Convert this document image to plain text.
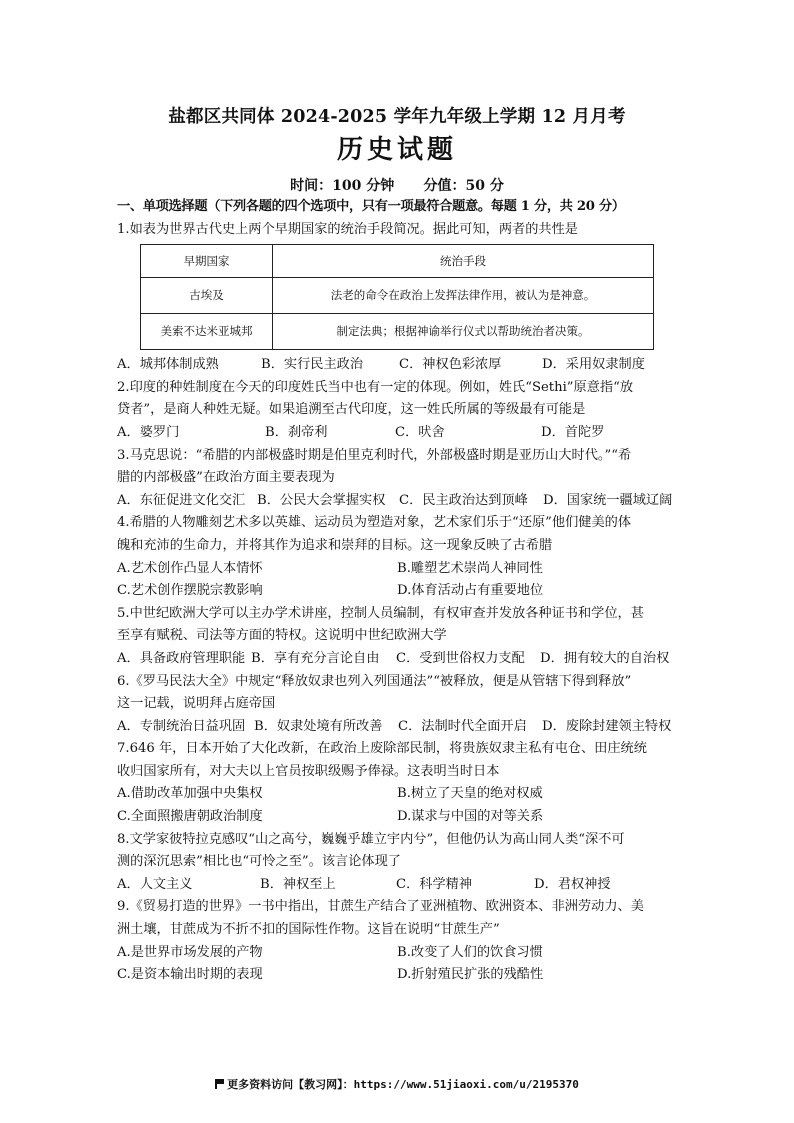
盐都区共同体 2024-2025 学年九年级上学期 12 月月考
历史试题
时间：100 分钟      分值：50 分
一、单项选择题（下列各题的四个选项中，只有一项最符合题意。每题 1 分，共 20 分）
1.如表为世界古代史上两个早期国家的统治手段简况。据此可知，两者的共性是
早期国家	统治手段
古埃及	法老的命令在政治上发挥法律作用，被认为是神意。
美索不达米亚城邦	制定法典；根据神谕举行仪式以帮助统治者决策。
A．城邦体制成熟	B．实行民主政治	C．神权色彩浓厚	D．采用奴隶制度
2.印度的种姓制度在今天的印度姓氏当中也有一定的体现。例如，姓氏“Sethi”原意指“放
贷者”，是商人种姓无疑。如果追溯至古代印度，这一姓氏所属的等级最有可能是
A．婆罗门	B．刹帝利	C．吠舍	D．首陀罗
3.马克思说：“希腊的内部极盛时期是伯里克利时代，外部极盛时期是亚历山大时代。”“希
腊的内部极盛”在政治方面主要表现为
A．东征促进文化交汇 B．公民大会掌握实权	C．民主政治达到顶峰	D．国家统一疆域辽阔
4.希腊的人物雕刻艺术多以英雄、运动员为塑造对象，艺术家们乐于“还原”他们健美的体
魄和充沛的生命力，并将其作为追求和崇拜的目标。这一现象反映了古希腊
A.艺术创作凸显人本情怀	B.雕塑艺术崇尚人神同性
C.艺术创作摆脱宗教影响	D.体育活动占有重要地位
5.中世纪欧洲大学可以主办学术讲座，控制人员编制，有权审查并发放各种证书和学位，甚
至享有赋税、司法等方面的特权。这说明中世纪欧洲大学
A．具备政府管理职能 B．享有充分言论自由	C．受到世俗权力支配	D．拥有较大的自治权
6.《罗马民法大全》中规定“释放奴隶也列入列国通法”“被释放，便是从管辖下得到释放”
这一记载，说明拜占庭帝国
A．专制统治日益巩固 B．奴隶处境有所改善	C．法制时代全面开启	D．废除封建领主特权
7.646 年，日本开始了大化改新，在政治上废除部民制，将贵族奴隶主私有屯仓、田庄统统
收归国家所有，对大夫以上官员按职级赐予俸禄。这表明当时日本
A.借助改革加强中央集权	B.树立了天皇的绝对权威
C.全面照搬唐朝政治制度	D.谋求与中国的对等关系
8.文学家彼特拉克感叹“山之高兮，巍巍乎雄立宇内兮”，但他仍认为高山同人类“深不可
测的深沉思索”相比也“可怜之至”。该言论体现了
A．人文主义	B．神权至上	C．科学精神	D．君权神授
9.《贸易打造的世界》一书中指出，甘蔗生产结合了亚洲植物、欧洲资本、非洲劳动力、美
洲土壤，甘蔗成为不折不扣的国际性作物。这旨在说明“甘蔗生产”
A.是世界市场发展的产物	B.改变了人们的饮食习惯
C.是资本输出时期的表现	D.折射殖民扩张的残酷性
更多资料访问【教习网】：https://www.51jiaoxi.com/u/2195370
